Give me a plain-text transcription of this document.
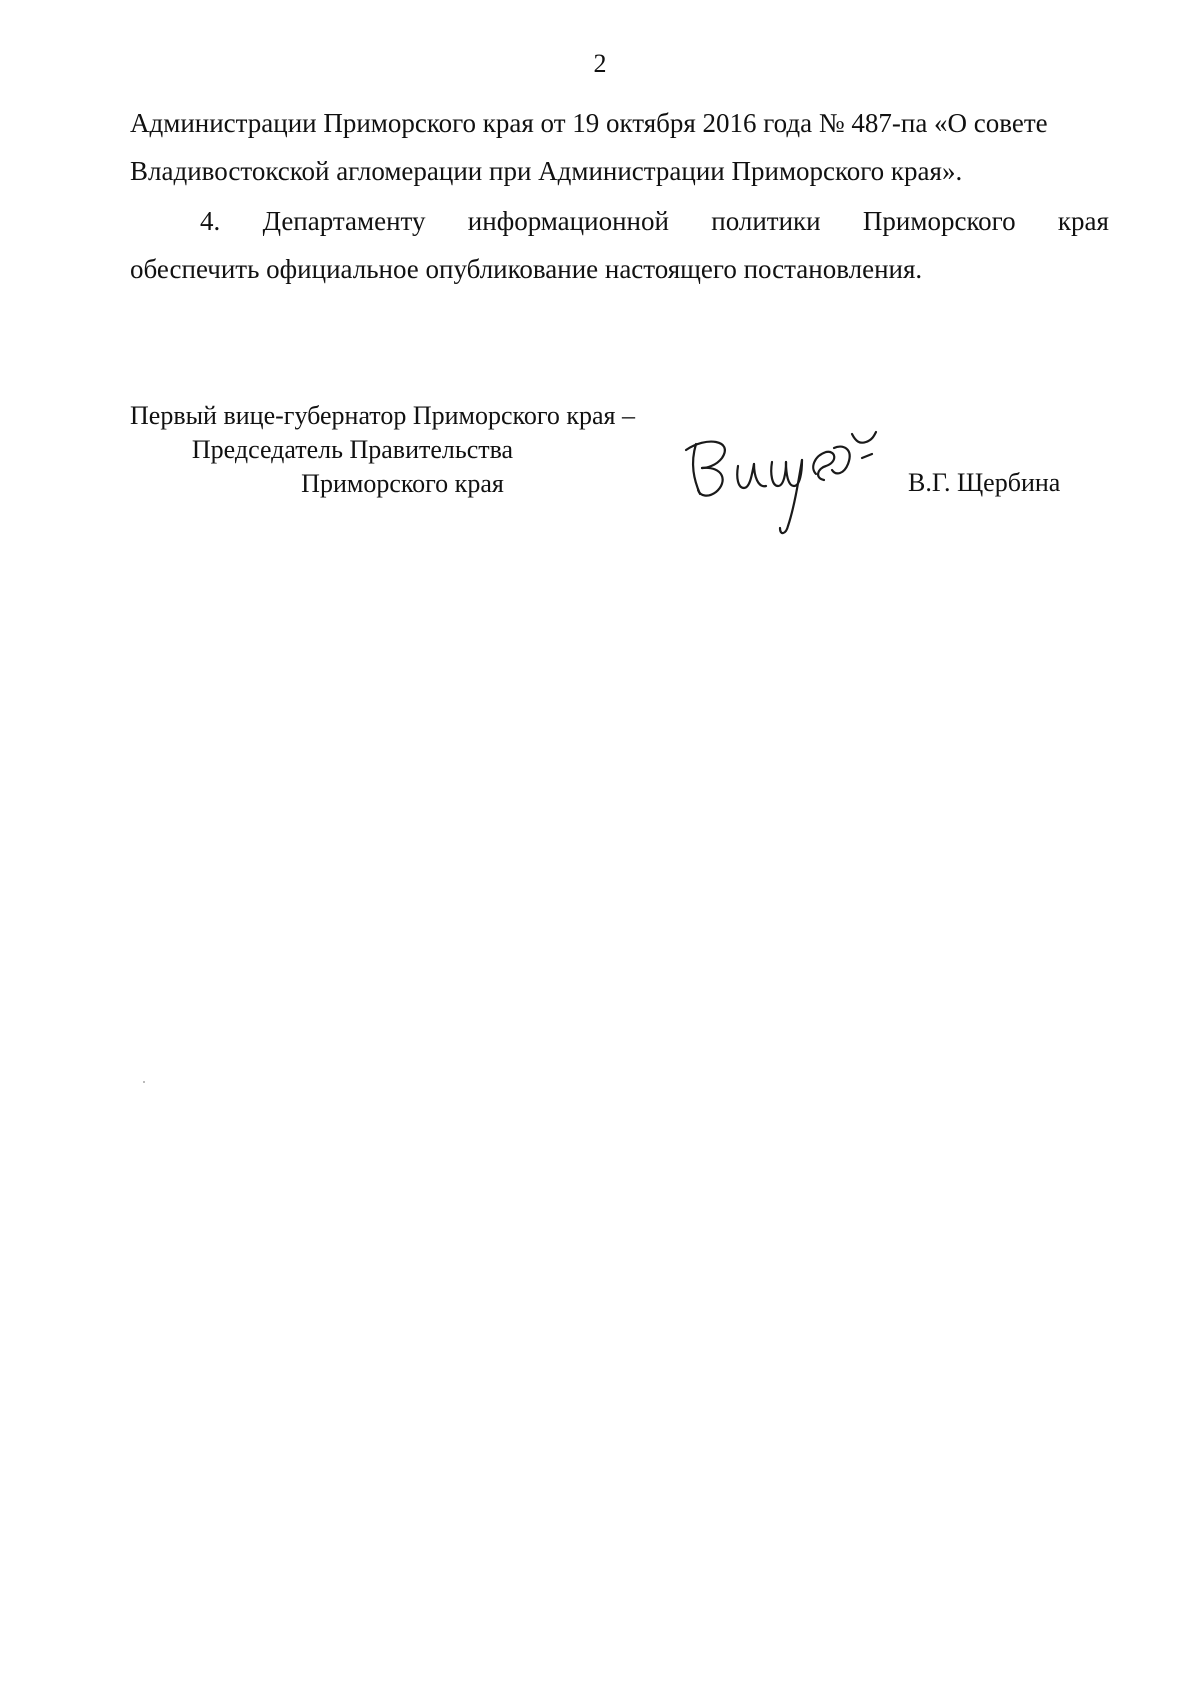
2
Администрации Приморского края от 19 октября 2016 года № 487-па «О совете
Владивостокской агломерации при Администрации Приморского края».
4. Департаменту информационной политики Приморского края
обеспечить официальное опубликование настоящего постановления.
Первый вице-губернатор Приморского края –
Председатель Правительства
Приморского края	В.Г. Щербина
